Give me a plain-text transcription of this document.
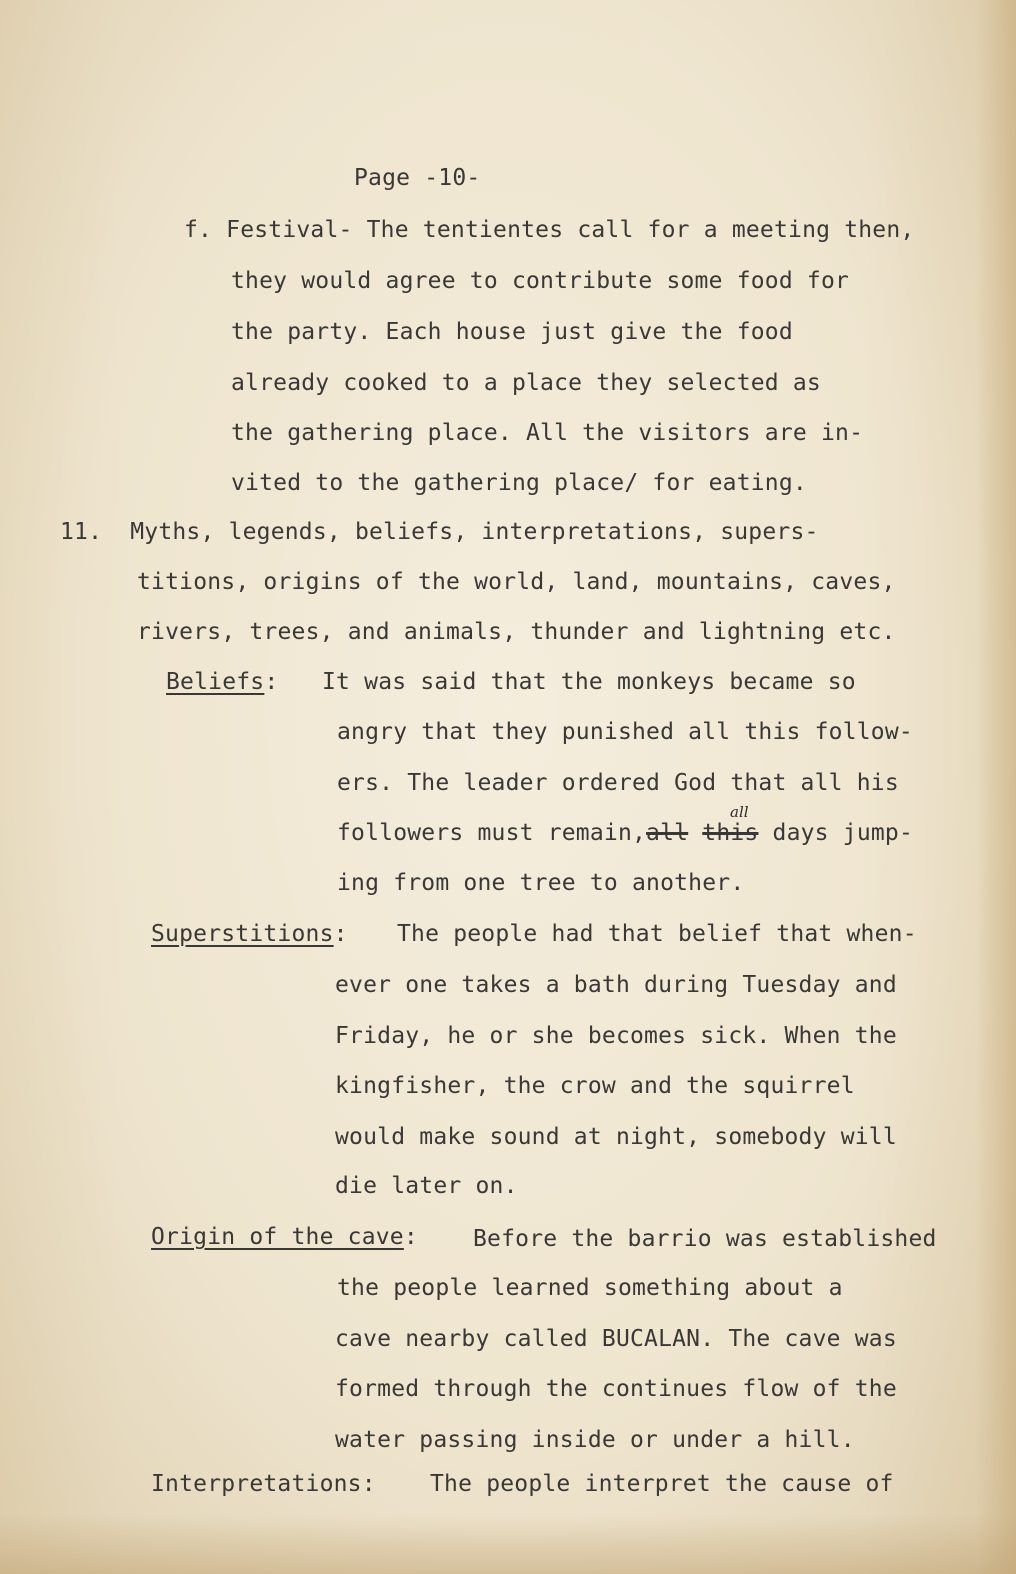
Page -10-
f. Festival- The tentientes call for a meeting then,
they would agree to contribute some food for
the party. Each house just give the food
already cooked to a place they selected as
the gathering place. All the visitors are in-
vited to the gathering place/ for eating.
11.  Myths, legends, beliefs, interpretations, supers-
titions, origins of the world, land, mountains, caves,
rivers, trees, and animals, thunder and lightning etc.
Beliefs: It was said that the monkeys became so
angry that they punished all this follow-
ers. The leader ordered God that all his
all
followers must remain,all this days jump-
ing from one tree to another.
Superstitions: The people had that belief that when-
ever one takes a bath during Tuesday and
Friday, he or she becomes sick. When the
kingfisher, the crow and the squirrel
would make sound at night, somebody will
die later on.
Origin of the cave: Before the barrio was established
the people learned something about a
cave nearby called BUCALAN. The cave was
formed through the continues flow of the
water passing inside or under a hill.
Interpretations: The people interpret the cause of
